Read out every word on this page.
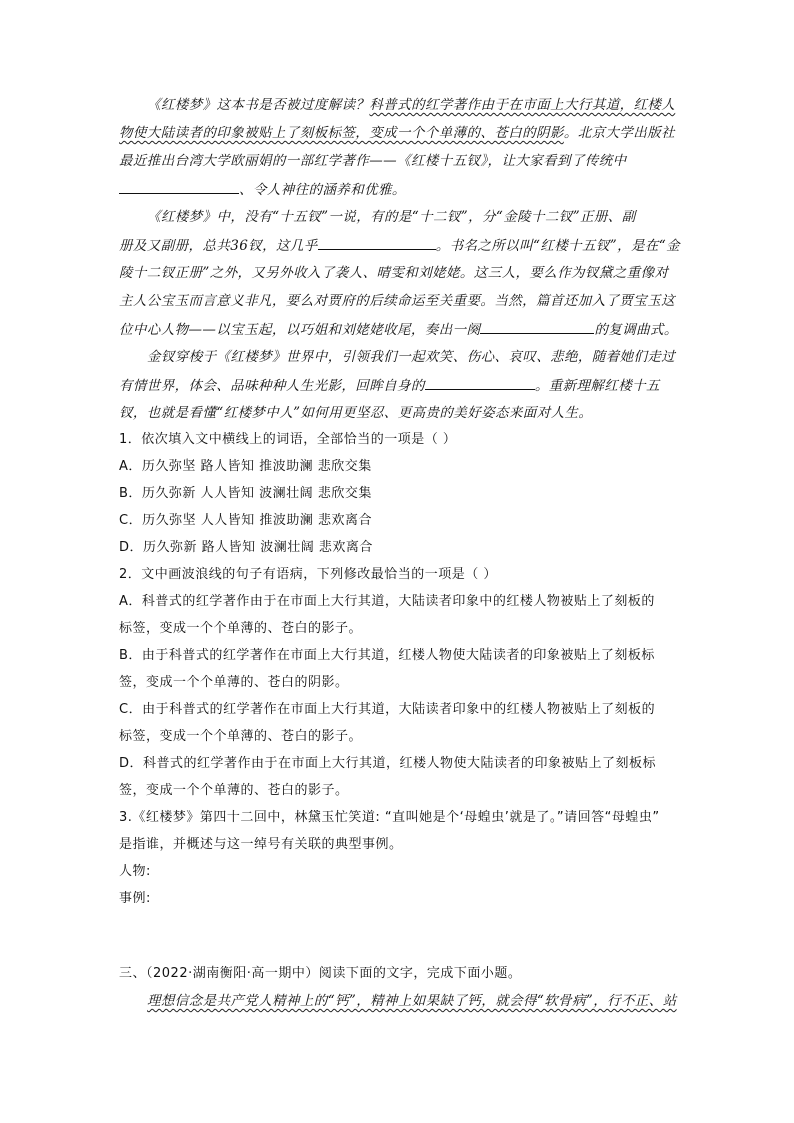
《红楼梦》这本书是否被过度解读？科普式的红学著作由于在市面上大行其道，红楼人
物使大陆读者的印象被贴上了刻板标签，变成一个个单薄的、苍白的阴影。北京大学出版社
最近推出台湾大学欧丽娟的一部红学著作——《红楼十五钗》，让大家看到了传统中
、令人神往的涵养和优雅。
《红楼梦》中，没有“十五钗”一说，有的是“十二钗”，分“金陵十二钗”正册、副
册及又副册，总共36钗，这几乎	。书名之所以叫“红楼十五钗”，是在“金
陵十二钗正册”之外，又另外收入了袭人、晴雯和刘姥姥。这三人，要么作为钗黛之重像对
主人公宝玉而言意义非凡，要么对贾府的后续命运至关重要。当然，篇首还加入了贾宝玉这
位中心人物——以宝玉起，以巧姐和刘姥姥收尾，奏出一阕	的复调曲式。
金钗穿梭于《红楼梦》世界中，引领我们一起欢笑、伤心、哀叹、悲绝，随着她们走过
有情世界，体会、品味种种人生光影，回眸自身的	。重新理解红楼十五
钗，也就是看懂“红楼梦中人”如何用更坚忍、更高贵的美好姿态来面对人生。
1．依次填入文中横线上的词语，全部恰当的一项是（ ）
A．历久弥坚 路人皆知 推波助澜 悲欣交集
B．历久弥新 人人皆知 波澜壮阔 悲欣交集
C．历久弥坚 人人皆知 推波助澜 悲欢离合
D．历久弥新 路人皆知 波澜壮阔 悲欢离合
2．文中画波浪线的句子有语病，下列修改最恰当的一项是（ ）
A．科普式的红学著作由于在市面上大行其道，大陆读者印象中的红楼人物被贴上了刻板的
标签，变成一个个单薄的、苍白的影子。
B．由于科普式的红学著作在市面上大行其道，红楼人物使大陆读者的印象被贴上了刻板标
签，变成一个个单薄的、苍白的阴影。
C．由于科普式的红学著作在市面上大行其道，大陆读者印象中的红楼人物被贴上了刻板的
标签，变成一个个单薄的、苍白的影子。
D．科普式的红学著作由于在市面上大行其道，红楼人物使大陆读者的印象被贴上了刻板标
签，变成一个个单薄的、苍白的影子。
3.《红楼梦》第四十二回中，林黛玉忙笑道: “直叫她是个‘母蝗虫’就是了。”请回答“母蝗虫”
是指谁，并概述与这一绰号有关联的典型事例。
人物:
事例:
三、（2022·湖南衡阳·高一期中）阅读下面的文字，完成下面小题。
理想信念是共产党人精神上的“钙”，精神上如果缺了钙，就会得“软骨病”，行不正、站
